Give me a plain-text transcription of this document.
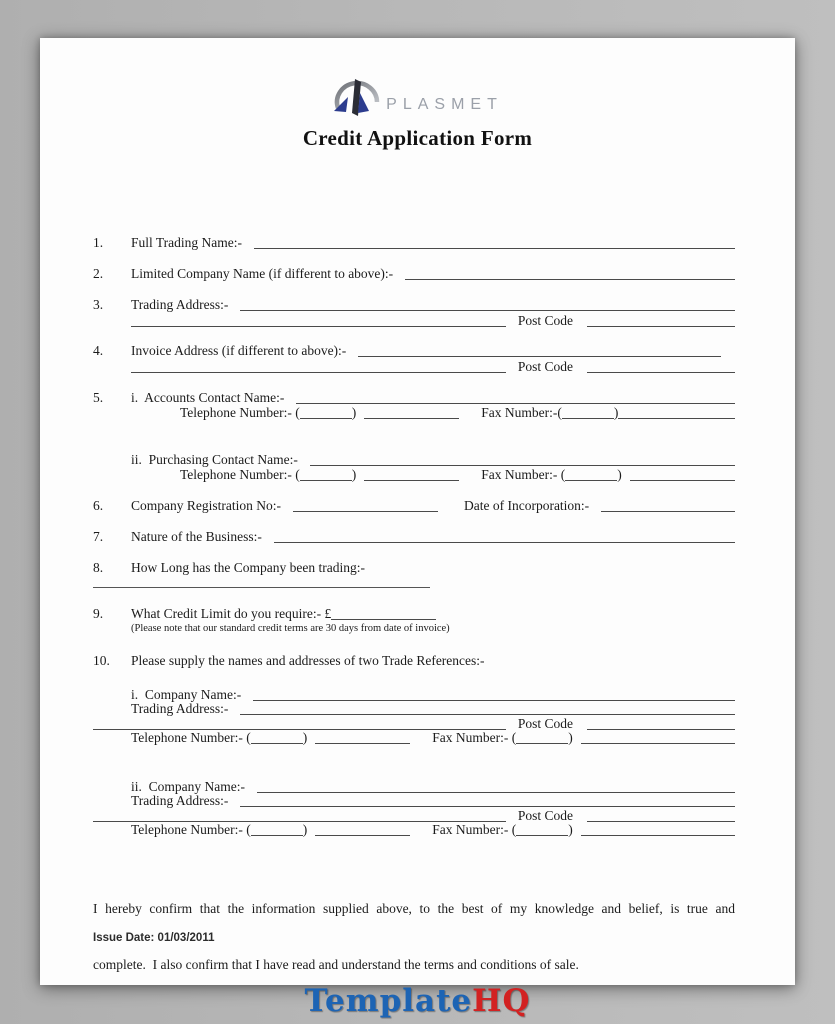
PLASMET
Credit Application Form
1.	Full Trading Name:-
2.	Limited Company Name (if different to above):-
3.	Trading Address:-
Post Code
4.	Invoice Address (if different to above):-
Post Code
5.	i.  Accounts Contact Name:-
Telephone Number:- (	)	Fax Number:-(	)
ii.  Purchasing Contact Name:-
Telephone Number:- (	)	Fax Number:- (	)
6.	Company Registration No:-	Date of Incorporation:-
7.	Nature of the Business:-
8.	How Long has the Company been trading:-
9.	What Credit Limit do you require:- £
(Please note that our standard credit terms are 30 days from date of invoice)
10.	Please supply the names and addresses of two Trade References:-
i.  Company Name:-
Trading Address:-
Post Code
Telephone Number:- (	)	Fax Number:- (	)
ii.  Company Name:-
Trading Address:-
Post Code
Telephone Number:- (	)	Fax Number:- (	)

I hereby confirm that the information supplied above, to the best of my knowledge and belief, is true and

complete.  I also confirm that I have read and understand the terms and conditions of sale.

Issue Date: 01/03/2011
TemplateHQ
